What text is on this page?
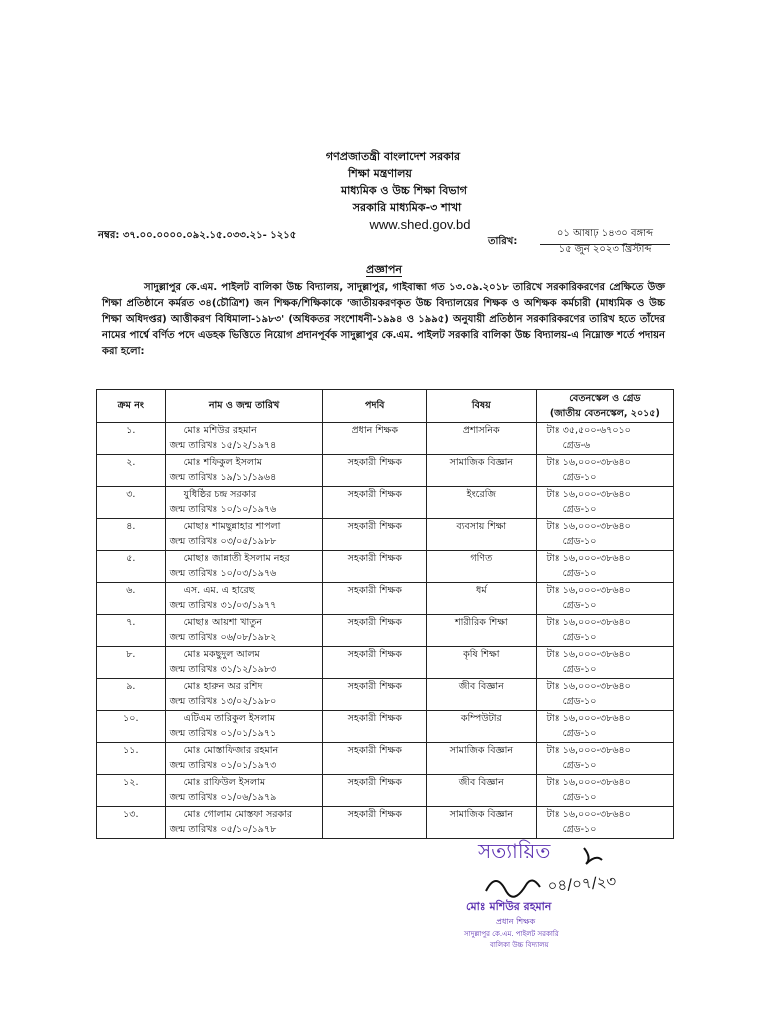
গণপ্রজাতন্ত্রী বাংলাদেশ সরকার
শিক্ষা মন্ত্রণালয়
মাধ্যমিক ও উচ্চ শিক্ষা বিভাগ
সরকারি মাধ্যমিক-৩ শাখা
www.shed.gov.bd
নম্বর: ৩৭.০০.০০০০.০৯২.১৫.০৩৩.২১- ১২১৫
তারিখ:
০১ আষাঢ় ১৪৩০ বঙ্গাব্দ
১৫ জুন ২০২৩ খ্রিস্টাব্দ
প্রজ্ঞাপন
সাদুল্লাপুর কে.এম. পাইলট বালিকা উচ্চ বিদ্যালয়, সাদুল্লাপুর, গাইবান্ধা গত ১৩.০৯.২০১৮ তারিখে সরকারিকরণের প্রেক্ষিতে উক্ত শিক্ষা প্রতিষ্ঠানে কর্মরত ৩৪(চৌত্রিশ) জন শিক্ষক/শিক্ষিকাকে 'জাতীয়করণকৃত উচ্চ বিদ্যালয়ের শিক্ষক ও অশিক্ষক কর্মচারী (মাধ্যমিক ও উচ্চ শিক্ষা অধিদপ্তর) আত্তীকরণ বিধিমালা-১৯৮৩' (অধিকতর সংশোধনী-১৯৯৪ ও ১৯৯৫) অনুযায়ী প্রতিষ্ঠান সরকারিকরণের তারিখ হতে তাঁদের নামের পার্শ্বে বর্ণিত পদে এডহক ভিত্তিতে নিয়োগ প্রদানপূর্বক সাদুল্লাপুর কে.এম. পাইলট সরকারি বালিকা উচ্চ বিদ্যালয়-এ নিম্নোক্ত শর্তে পদায়ন করা হলো:
ক্রম নং	নাম ও জন্ম তারিখ	পদবি	বিষয়	বেতনস্কেল ও গ্রেড
(জাতীয় বেতনস্কেল, ২০১৫)

১.	মোঃ মশিউর রহমান
জন্ম তারিখঃ ১৫/১২/১৯৭৪	প্রধান শিক্ষক	প্রশাসনিক	টাঃ ৩৫,৫০০-৬৭০১০
গ্রেড-৬

২.	মোঃ শফিকুল ইসলাম
জন্ম তারিখঃ ১৯/১১/১৯৬৪	সহকারী শিক্ষক	সামাজিক বিজ্ঞান	টাঃ ১৬,০০০-৩৮৬৪০
গ্রেড-১০

৩.	যুধিষ্ঠির চন্দ্র সরকার
জন্ম তারিখঃ ১০/১০/১৯৭৬	সহকারী শিক্ষক	ইংরেজি	টাঃ ১৬,০০০-৩৮৬৪০
গ্রেড-১০

৪.	মোছাঃ শামছুন্নাহার শাপলা
জন্ম তারিখঃ ০৩/০৫/১৯৮৮	সহকারী শিক্ষক	ব্যবসায় শিক্ষা	টাঃ ১৬,০০০-৩৮৬৪০
গ্রেড-১০

৫.	মোছাঃ জান্নাতী ইসলাম নহর
জন্ম তারিখঃ ১০/০৩/১৯৭৬	সহকারী শিক্ষক	গণিত	টাঃ ১৬,০০০-৩৮৬৪০
গ্রেড-১০

৬.	এস. এম. এ হারেছ
জন্ম তারিখঃ ৩১/০৩/১৯৭৭	সহকারী শিক্ষক	ধর্ম	টাঃ ১৬,০০০-৩৮৬৪০
গ্রেড-১০

৭.	মোছাঃ আয়শা খাতুন
জন্ম তারিখঃ ০৬/০৮/১৯৮২	সহকারী শিক্ষক	শারীরিক শিক্ষা	টাঃ ১৬,০০০-৩৮৬৪০
গ্রেড-১০

৮.	মোঃ মকছুদুল আলম
জন্ম তারিখঃ ৩১/১২/১৯৮৩	সহকারী শিক্ষক	কৃষি শিক্ষা	টাঃ ১৬,০০০-৩৮৬৪০
গ্রেড-১০

৯.	মোঃ হারুন অর রশিদ
জন্ম তারিখঃ ১৩/০২/১৯৮০	সহকারী শিক্ষক	জীব বিজ্ঞান	টাঃ ১৬,০০০-৩৮৬৪০
গ্রেড-১০

১০.	এটিএম তারিকুল ইসলাম
জন্ম তারিখঃ ০১/০১/১৯৭১	সহকারী শিক্ষক	কম্পিউটার	টাঃ ১৬,০০০-৩৮৬৪০
গ্রেড-১০

১১.	মোঃ মোস্তাফিজার রহমান
জন্ম তারিখঃ ০১/০১/১৯৭৩	সহকারী শিক্ষক	সামাজিক বিজ্ঞান	টাঃ ১৬,০০০-৩৮৬৪০
গ্রেড-১০

১২.	মোঃ রাফিউল ইসলাম
জন্ম তারিখঃ ০১/০৬/১৯৭৯	সহকারী শিক্ষক	জীব বিজ্ঞান	টাঃ ১৬,০০০-৩৮৬৪০
গ্রেড-১০

১৩.	মোঃ গোলাম মোস্তফা সরকার
জন্ম তারিখঃ ০৫/১০/১৯৭৮	সহকারী শিক্ষক	সামাজিক বিজ্ঞান	টাঃ ১৬,০০০-৩৮৬৪০
গ্রেড-১০
সত্যায়িত
০৪/০৭/২৩
মোঃ মশিউর রহমান
প্রধান শিক্ষক
সাদুল্লাপুর কে.এম. পাইলট সরকারি
বালিকা উচ্চ বিদ্যালয়
